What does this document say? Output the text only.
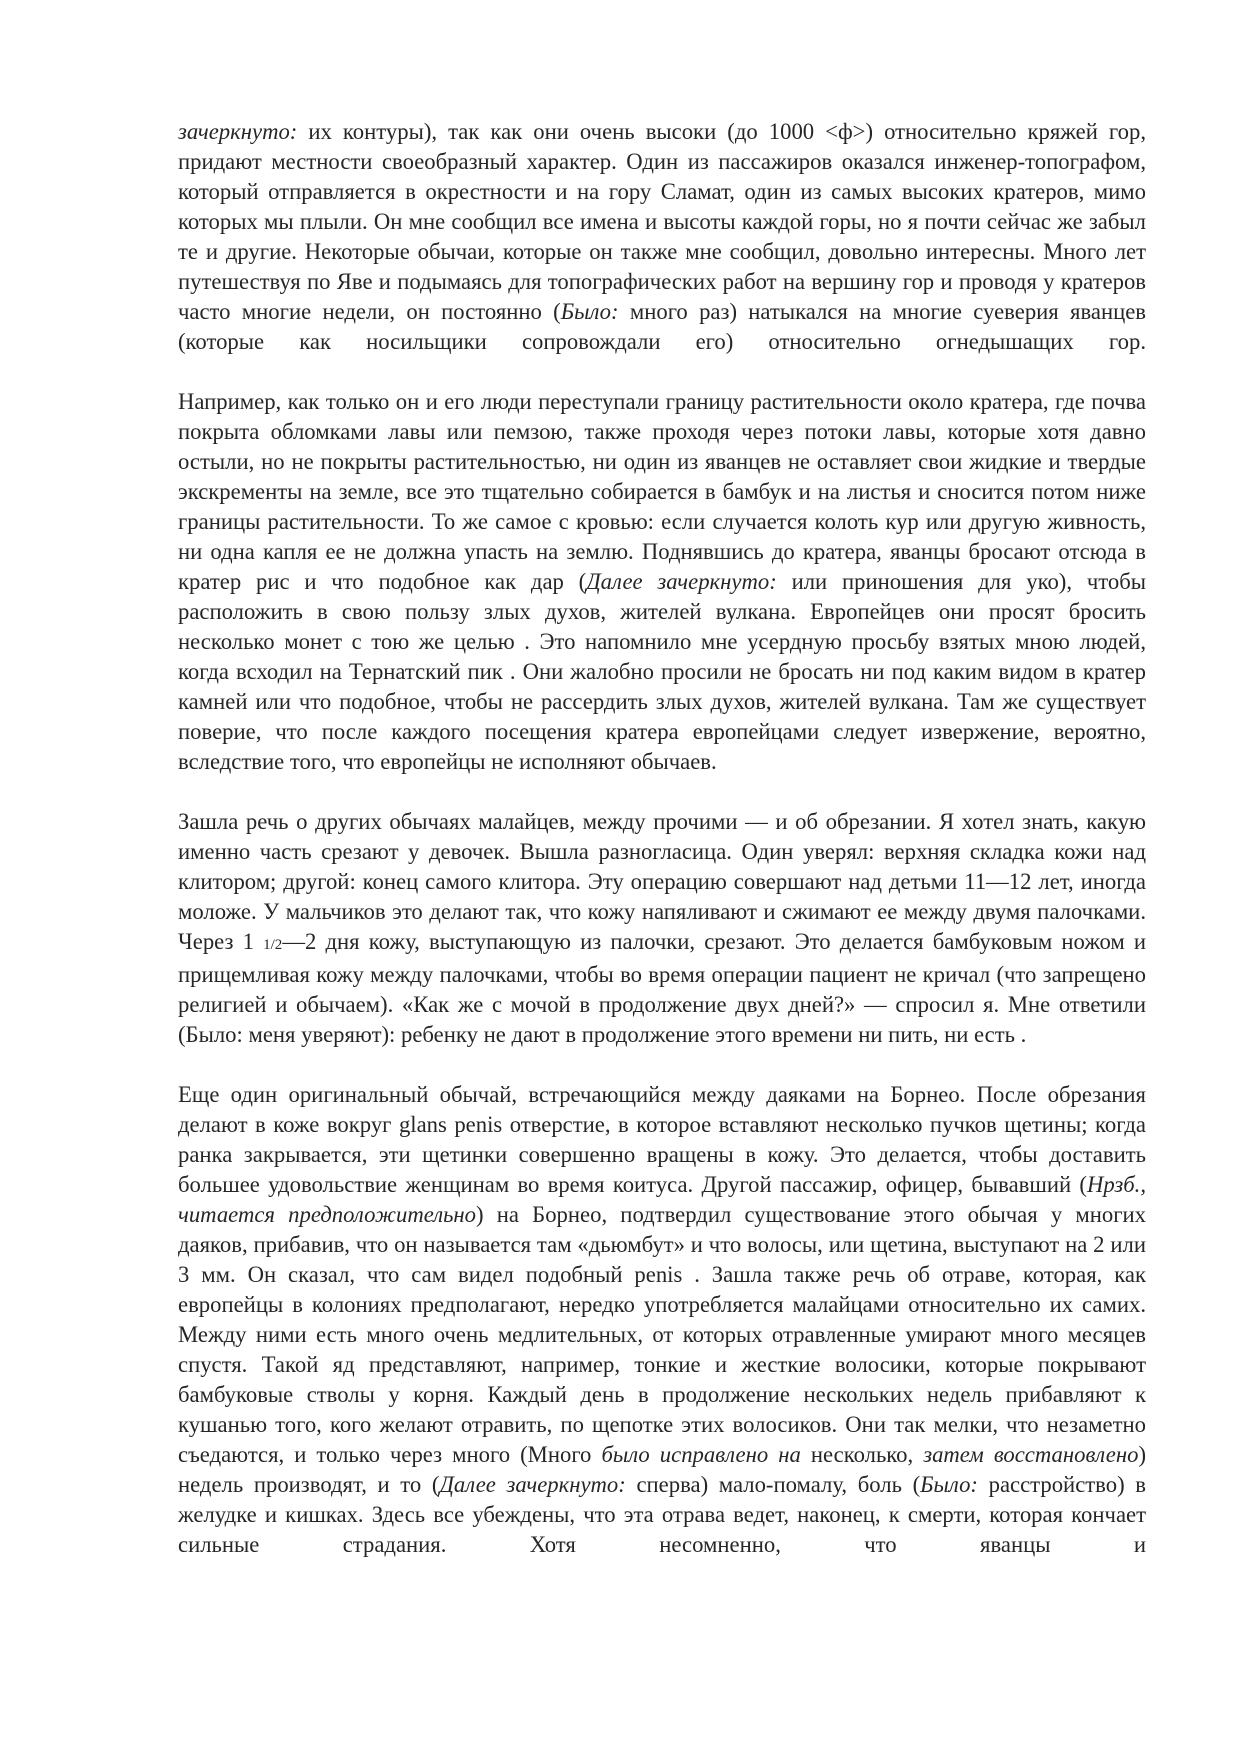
зачеркнуто: их контуры), так как они очень высоки (до 1000 <ф>) относительно кряжей гор, придают местности своеобразный характер. Один из пассажиров оказался инженер-топографом, который отправляется в окрестности и на гору Сламат, один из самых высоких кратеров, мимо которых мы плыли. Он мне сообщил все имена и высоты каждой горы, но я почти сейчас же забыл те и другие. Некоторые обычаи, которые он также мне сообщил, довольно интересны. Много лет путешествуя по Яве и подымаясь для топографических работ на вершину гор и проводя у кратеров часто многие недели, он постоянно (Было: много раз) натыкался на многие суеверия яванцев (которые как носильщики сопровождали его) относительно огнедышащих гор.

Например, как только он и его люди переступали границу растительности около кратера, где почва покрыта обломками лавы или пемзою, также проходя через потоки лавы, которые хотя давно остыли, но не покрыты растительностью, ни один из яванцев не оставляет свои жидкие и твердые экскременты на земле, все это тщательно собирается в бамбук и на листья и сносится потом ниже границы растительности. То же самое с кровью: если случается колоть кур или другую живность, ни одна капля ее не должна упасть на землю. Поднявшись до кратера, яванцы бросают отсюда в кратер рис и что подобное как дар (Далее зачеркнуто: или приношения для уко), чтобы расположить в свою пользу злых духов, жителей вулкана. Европейцев они просят бросить несколько монет с тою же целью . Это напомнило мне усердную просьбу взятых мною людей, когда всходил на Тернатский пик . Они жалобно просили не бросать ни под каким видом в кратер камней или что подобное, чтобы не рассердить злых духов, жителей вулкана. Там же существует поверие, что после каждого посещения кратера европейцами следует извержение, вероятно, вследствие того, что европейцы не исполняют обычаев.

Зашла речь о других обычаях малайцев, между прочими — и об обрезании. Я хотел знать, какую именно часть срезают у девочек. Вышла разногласица. Один уверял: верхняя складка кожи над клитором; другой: конец самого клитора. Эту операцию совершают над детьми 11—12 лет, иногда моложе. У мальчиков это делают так, что кожу напяливают и сжимают ее между двумя палочками. Через 1 1/2—2 дня кожу, выступающую из палочки, срезают. Это делается бамбуковым ножом и прищемливая кожу между палочками, чтобы во время операции пациент не кричал (что запрещено религией и обычаем). «Как же с мочой в продолжение двух дней?» — спросил я. Мне ответили (Было: меня уверяют): ребенку не дают в продолжение этого времени ни пить, ни есть .

Еще один оригинальный обычай, встречающийся между даяками на Борнео. После обрезания делают в коже вокруг glans penis отверстие, в которое вставляют несколько пучков щетины; когда ранка закрывается, эти щетинки совершенно вращены в кожу. Это делается, чтобы доставить большее удовольствие женщинам во время коитуса. Другой пассажир, офицер, бывавший (Нрзб., читается предположительно) на Борнео, подтвердил существование этого обычая у многих даяков, прибавив, что он называется там «дьюмбут» и что волосы, или щетина, выступают на 2 или 3 мм. Он сказал, что сам видел подобный penis . Зашла также речь об отраве, которая, как европейцы в колониях предполагают, нередко употребляется малайцами относительно их самих. Между ними есть много очень медлительных, от которых отравленные умирают много месяцев спустя. Такой яд представляют, например, тонкие и жесткие волосики, которые покрывают бамбуковые стволы у корня. Каждый день в продолжение нескольких недель прибавляют к кушанью того, кого желают отравить, по щепотке этих волосиков. Они так мелки, что незаметно съедаются, и только через много (Много было исправлено на несколько, затем восстановлено) недель производят, и то (Далее зачеркнуто: сперва) мало-помалу, боль (Было: расстройство) в желудке и кишках. Здесь все убеждены, что эта отрава ведет, наконец, к смерти, которая кончает сильные страдания. Хотя несомненно, что яванцы и
